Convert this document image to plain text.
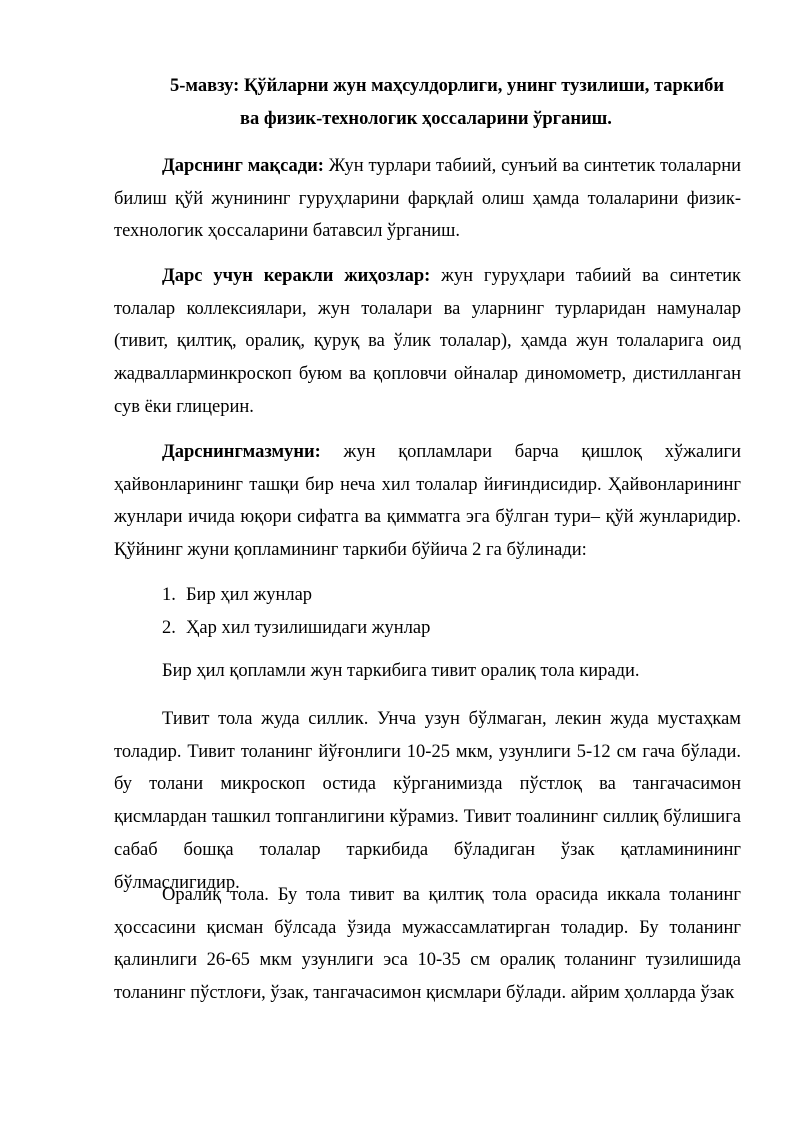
5-мавзу: Қўйларни жун маҳсулдорлиги, унинг тузилиши, таркиби
ва физик-технологик ҳоссаларини ўрганиш.

Дарснинг мақсади: Жун турлари табиий, сунъий ва синтетик толаларни билиш қўй жунининг гуруҳларини фарқлай олиш ҳамда толаларини физик-технологик ҳоссаларини батавсил ўрганиш.

Дарс учун керакли жиҳозлар: жун гуруҳлари табиий ва синтетик толалар коллексиялари, жун толалари ва уларнинг турларидан намуналар (тивит, қилтиқ, оралиқ, қуруқ ва ўлик толалар), ҳамда жун толаларига оид жадвалларминкроскоп буюм ва қопловчи ойналар диномометр, дистилланган сув ёки глицерин.

Дарснингмазмуни: жун қопламлари барча қишлоқ хўжалиги ҳайвонларининг ташқи бир неча хил толалар йиғиндисидир. Ҳайвонларининг жунлари ичида юқори сифатга ва қимматга эга бўлган тури– қўй жунларидир. Қўйнинг жуни қопламининг таркиби бўйича 2 га бўлинади:

1. Бир ҳил жунлар
2. Ҳар хил тузилишидаги жунлар
Бир ҳил қопламли жун таркибига тивит оралиқ тола киради.

Тивит тола жуда силлик. Унча узун бўлмаган, лекин жуда мустаҳкам толадир. Тивит толанинг йўғонлиги 10-25 мкм, узунлиги 5-12 см гача бўлади. бу толани микроскоп остида кўрганимизда пўстлоқ ва тангачасимон қисмлардан ташкил топганлигини кўрамиз. Тивит тоалининг силлиқ бўлишига сабаб бошқа толалар таркибида бўладиган ўзак қатламинининг бўлмаслигидир.

Оралиқ тола. Бу тола тивит ва қилтиқ тола орасида иккала толанинг ҳоссасини қисман бўлсада ўзида мужассамлатирган толадир. Бу толанинг қалинлиги 26-65 мкм узунлиги эса 10-35 см оралиқ толанинг тузилишида толанинг пўстлоғи, ўзак, тангачасимон қисмлари бўлади. айрим ҳолларда ўзак
